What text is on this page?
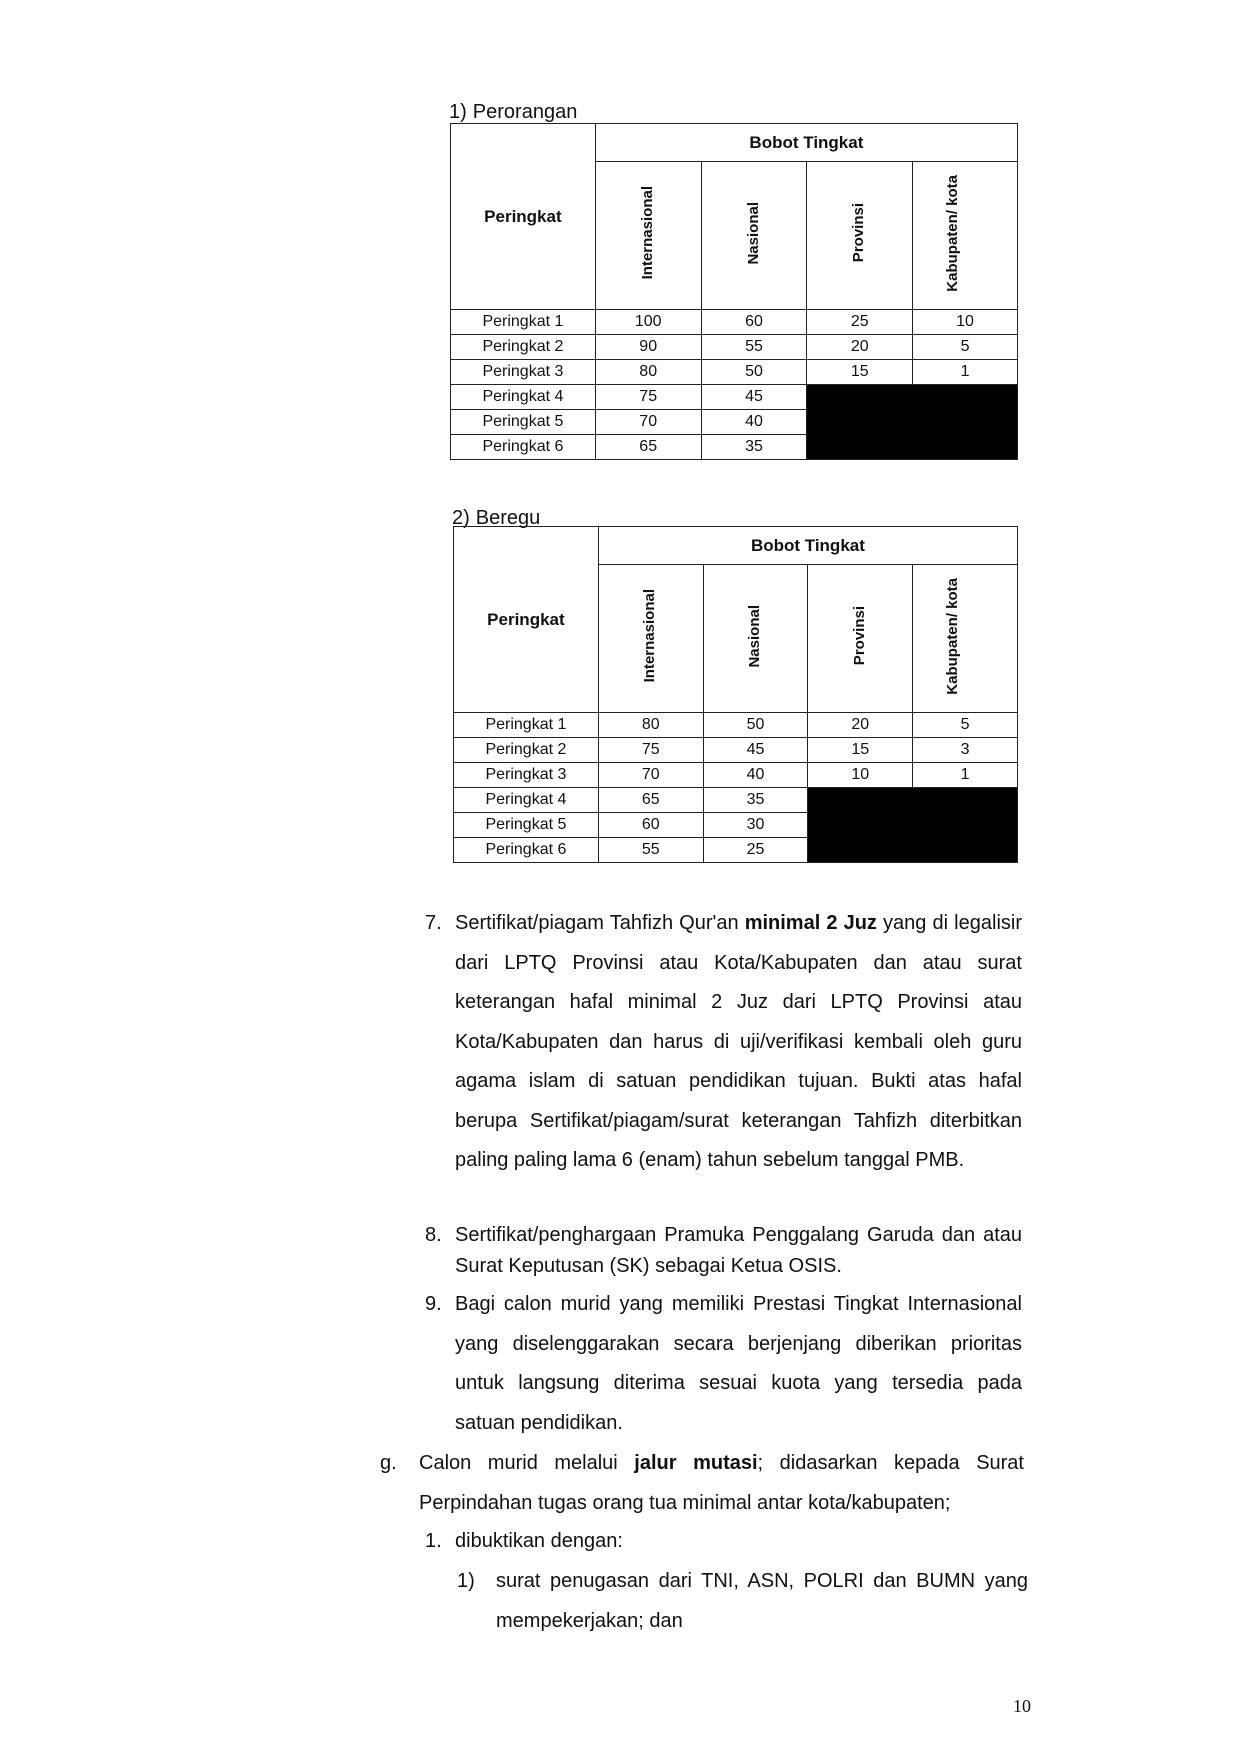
1) Perorangan
Peringkat	Bobot Tingkat			
	Internasional	Nasional	Provinsi	Kabupaten/ kota
Peringkat 1	100	60	25	10
Peringkat 2	90	55	20	5
Peringkat 3	80	50	15	1
Peringkat 4	75	45		
Peringkat 5	70	40		
Peringkat 6	65	35		
2) Beregu
Peringkat	Bobot Tingkat			
	Internasional	Nasional	Provinsi	Kabupaten/ kota
Peringkat 1	80	50	20	5
Peringkat 2	75	45	15	3
Peringkat 3	70	40	10	1
Peringkat 4	65	35		
Peringkat 5	60	30		
Peringkat 6	55	25		
7. Sertifikat/piagam Tahfizh Qur'an minimal 2 Juz yang di legalisir dari LPTQ Provinsi atau Kota/Kabupaten dan atau surat keterangan hafal minimal 2 Juz dari LPTQ Provinsi atau Kota/Kabupaten dan harus di uji/verifikasi kembali oleh guru agama islam di satuan pendidikan tujuan. Bukti atas hafal berupa Sertifikat/piagam/surat keterangan Tahfizh diterbitkan paling paling lama 6 (enam) tahun sebelum tanggal PMB.
8. Sertifikat/penghargaan Pramuka Penggalang Garuda dan atau Surat Keputusan (SK) sebagai Ketua OSIS.
9. Bagi calon murid yang memiliki Prestasi Tingkat Internasional yang diselenggarakan secara berjenjang diberikan prioritas untuk langsung diterima sesuai kuota yang tersedia pada satuan pendidikan.
g. Calon murid melalui jalur mutasi; didasarkan kepada Surat Perpindahan tugas orang tua minimal antar kota/kabupaten;
1. dibuktikan dengan:
1) surat penugasan dari TNI, ASN, POLRI dan BUMN yang mempekerjakan; dan
10
